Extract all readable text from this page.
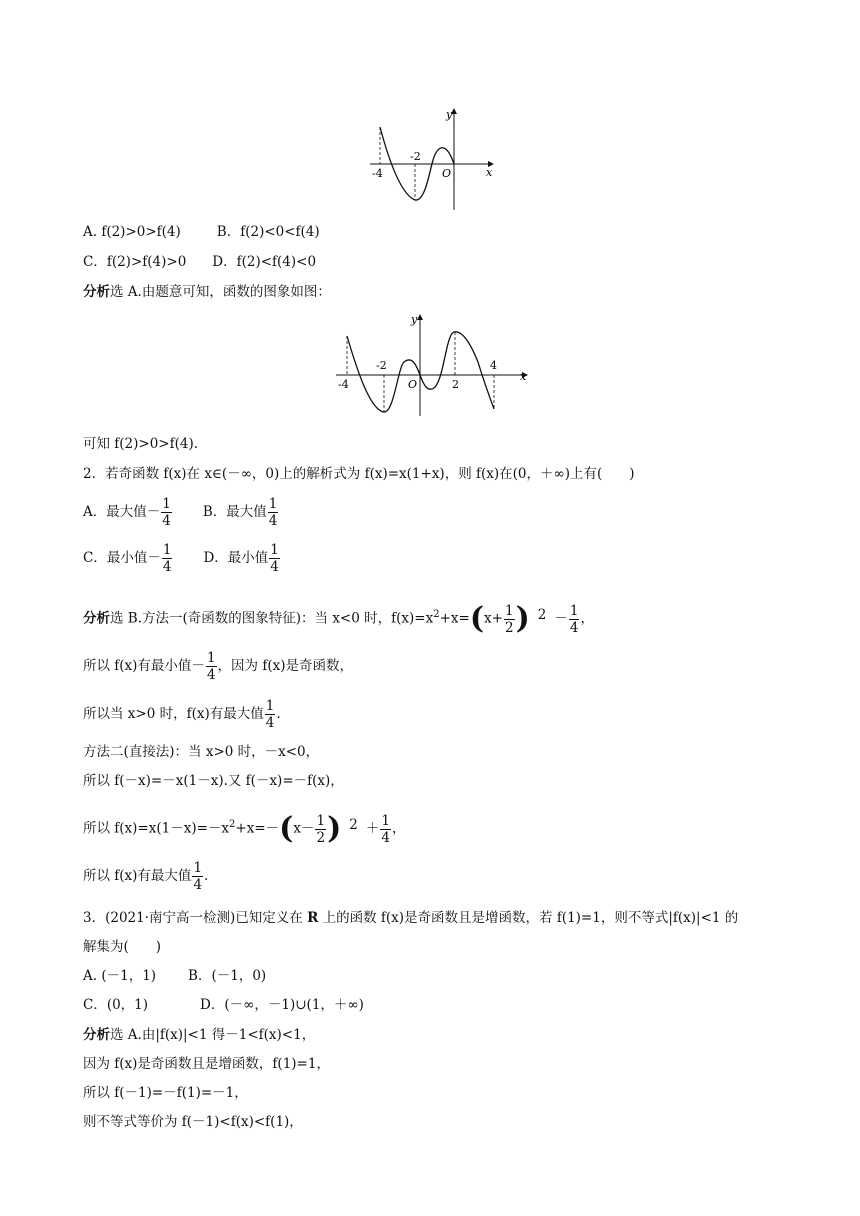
y
x
O
-4
-2
A. f(2)>0>f(4)	B．f(2)<0<f(4)
C．f(2)>f(4)>0 D．f(2)<f(4)<0
分析选 A.由题意可知，函数的图象如图：
y
x
O
-4
-2
2
4
可知 f(2)>0>f(4).
2．若奇函数 f(x)在 x∈(－∞，0)上的解析式为 f(x)=x(1+x)，则 f(x)在(0，＋∞)上有(　　)
A．最大值－ $\frac{1}{4}$ B．最大值 $\frac{1}{4}$
C．最小值－ $\frac{1}{4}$ D．最小值 $\frac{1}{4}$
分析选 B.方法一(奇函数的图象特征)：当 x<0 时，$f(x)=x^2+x=(x+ \frac{1}{2}$ ) $2 - \frac{1}{4}$ ，
所以 f(x)有最小值－ $\frac{1}{4}$ ，因为 f(x)是奇函数，
所以当 x>0 时，f(x)有最大值 $\frac{1}{4}$ .
方法二(直接法)：当 x>0 时，－x<0，
所以 f(－x)=－x(1－x).又 f(－x)=－f(x)，
所以 $f(x)=x(1-x)=-x^2+x=-(x- \frac{1}{2}$ ) $2 + \frac{1}{4}$ ，
所以 f(x)有最大值 $\frac{1}{4}$ .
3．(2021·南宁高一检测)已知定义在 R 上的函数 f(x)是奇函数且是增函数，若 f(1)=1，则不等式|f(x)|<1 的
解集为(　　)
A. (－1，1) B．(－1，0)
C．(0，1)	D．(－∞，－1)∪(1，＋∞)
分析选 A.由|f(x)|<1 得－1<f(x)<1，
因为 f(x)是奇函数且是增函数，f(1)=1，
所以 f(－1)=－f(1)=－1，
则不等式等价为 f(－1)<f(x)<f(1)，
